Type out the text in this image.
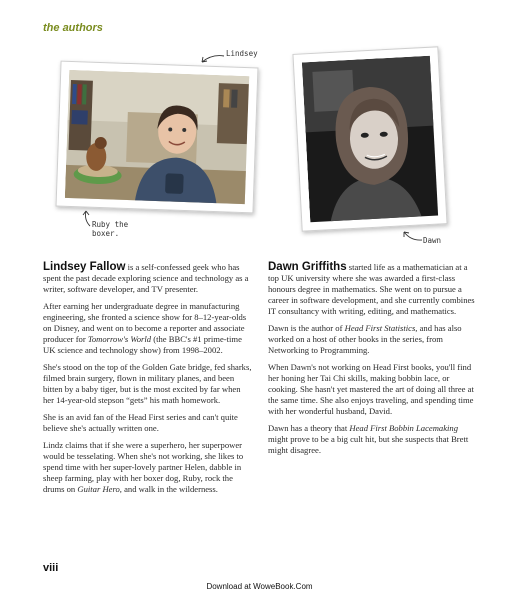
the authors
Lindsey
Ruby the boxer.
Dawn

Lindsey Fallow is a self-confessed geek who has spent the past decade exploring science and technology as a writer, software developer, and TV presenter.

After earning her undergraduate degree in manufacturing engineering, she fronted a science show for 8–12-year-olds on Disney, and went on to become a reporter and associate producer for Tomorrow's World (the BBC's #1 prime-time UK science and technology show) from 1998–2002.

She's stood on the top of the Golden Gate bridge, fed sharks, filmed brain surgery, flown in military planes, and been bitten by a baby tiger, but is the most excited by far when her 14-year-old stepson “gets” his math homework.

She is an avid fan of the Head First series and can't quite believe she's actually written one.

Lindz claims that if she were a superhero, her superpower would be tesselating. When she's not working, she likes to spend time with her super-lovely partner Helen, dabble in sheep farming, play with her boxer dog, Ruby, rock the drums on Guitar Hero, and walk in the wilderness.

Dawn Griffiths started life as a mathematician at a top UK university where she was awarded a first-class honours degree in mathematics. She went on to pursue a career in software development, and she currently combines IT consultancy with writing, editing, and mathematics.

Dawn is the author of Head First Statistics, and has also worked on a host of other books in the series, from Networking to Programming.

When Dawn's not working on Head First books, you'll find her honing her Tai Chi skills, making bobbin lace, or cooking. She hasn't yet mastered the art of doing all three at the same time. She also enjoys traveling, and spending time with her wonderful husband, David.

Dawn has a theory that Head First Bobbin Lacemaking might prove to be a big cult hit, but she suspects that Brett might disagree.

viii
Download at WoweBook.Com
